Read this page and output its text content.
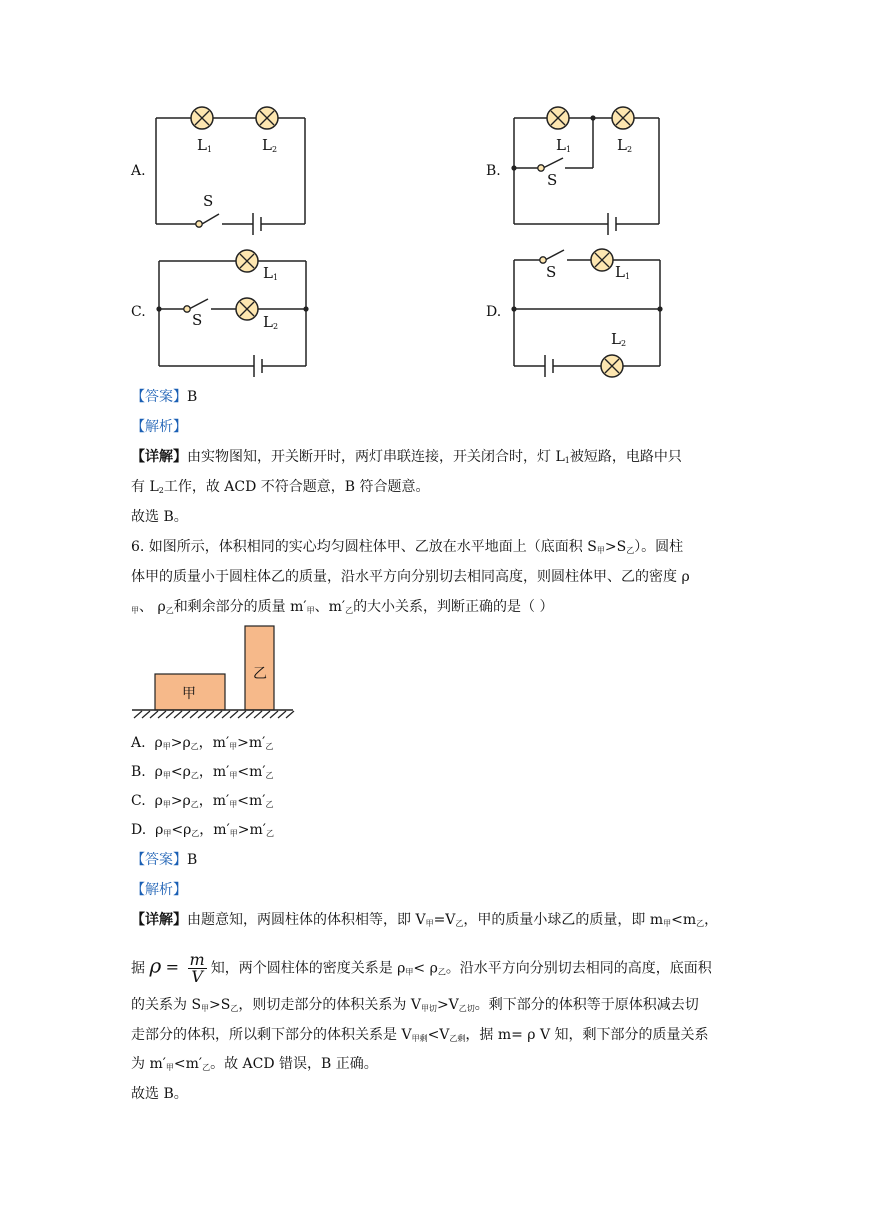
A.
$L_1$	$L_2$
S
B.
$L_1$	$L_2$
S
C.
$L_1$
$L_2$
S	D.
$L_1$
$L_2$
S
【答案】B
【解析】
【详解】由实物图知，开关断开时，两灯串联连接，开关闭合时，灯 $L_1$被短路，电路中只
有 $L_2$工作，故 ACD 不符合题意，B 符合题意。
故选 B。
6. 如图所示，体积相同的实心均匀圆柱体甲、乙放在水平地面上（底面积 $S_甲>S_乙$）。圆柱
体甲的质量小于圆柱体乙的质量，沿水平方向分别切去相同高度，则圆柱体甲、乙的密度 ρ
$_甲$、 $\rho_乙$和剩余部分的质量 $m'_甲$、$m'_乙$的大小关系，判断正确的是（ ）
甲
乙
A. $\rho_甲>\rho_乙$，$m'_甲>m'_乙$
B. $\rho_甲<\rho_乙$，$m'_甲<m'_乙$
C. $\rho_甲>\rho_乙$，$m'_甲<m'_乙$
D. $\rho_甲<\rho_乙$，$m'_甲>m'_乙$
【答案】B
【解析】
【详解】由题意知，两圆柱体的体积相等，即 $V_甲=V_乙$，甲的质量小球乙的质量，即 $m_甲<m_乙$，
据 $\rho = \frac{m}{V}$ 知，两个圆柱体的密度关系是 $\rho_甲< \rho_乙$。沿水平方向分别切去相同的高度，底面积
的关系为 $S_甲>S_乙$，则切走部分的体积关系为 $V_{甲切}>V_{乙切}$。剩下部分的体积等于原体积减去切
走部分的体积，所以剩下部分的体积关系是 $V_{甲剩}<V_{乙剩}$，据 m= ρ V 知，剩下部分的质量关系
为 $m'_甲<m'_乙$。故 ACD 错误，B 正确。
故选 B。
